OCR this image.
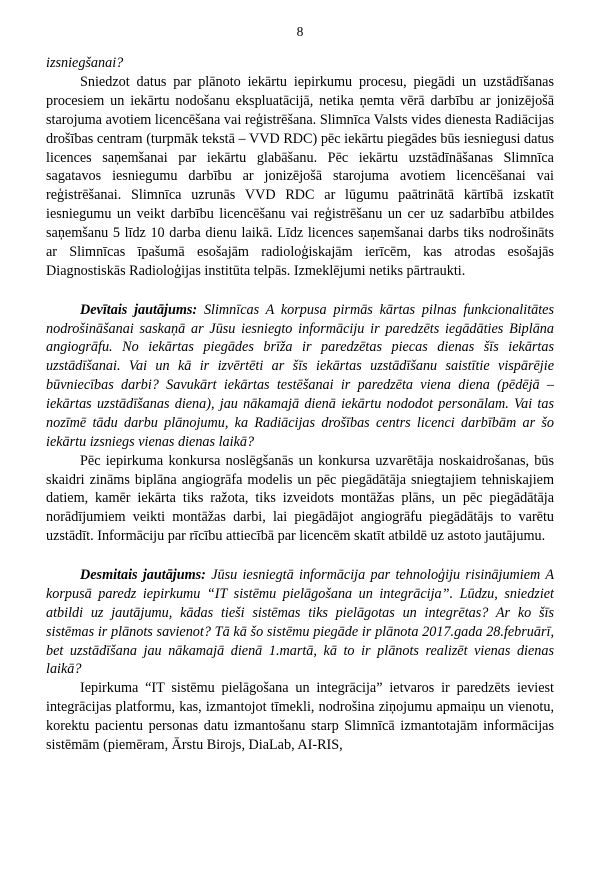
8

izsniegšanai?

Sniedzot datus par plānoto iekārtu iepirkumu procesu, piegādi un uzstādīšanas procesiem un iekārtu nodošanu ekspluatācijā, netika ņemta vērā darbību ar jonizējošā starojuma avotiem licencēšana vai reģistrēšana. Slimnīca Valsts vides dienesta Radiācijas drošības centram (turpmāk tekstā – VVD RDC) pēc iekārtu piegādes būs iesniegusi datus licences saņemšanai par iekārtu glabāšanu. Pēc iekārtu uzstādīnāšanas Slimnīca sagatavos iesniegumu darbību ar jonizējošā starojuma avotiem licencēšanai vai reģistrēšanai. Slimnīca uzrunās VVD RDC ar lūgumu paātrinātā kārtībā izskatīt iesniegumu un veikt darbību licencēšanu vai reģistrēšanu un cer uz sadarbību atbildes saņemšanu 5 līdz 10 darba dienu laikā. Līdz licences saņemšanai darbs tiks nodrošināts ar Slimnīcas īpašumā esošajām radioloģiskajām ierīcēm, kas atrodas esošajās Diagnostiskās Radioloģijas institūta telpās. Izmeklējumi netiks pārtraukti.

Devītais jautājums: Slimnīcas A korpusa pirmās kārtas pilnas funkcionalitātes nodrošināšanai saskaņā ar Jūsu iesniegto informāciju ir paredzēts iegādāties Biplāna angiogrāfu. No iekārtas piegādes brīža ir paredzētas piecas dienas šīs iekārtas uzstādīšanai. Vai un kā ir izvērtēti ar šīs iekārtas uzstādīšanu saistītie vispārējie būvniecības darbi? Savukārt iekārtas testēšanai ir paredzēta viena diena (pēdējā – iekārtas uzstādīšanas diena), jau nākamajā dienā iekārtu nododot personālam. Vai tas nozīmē tādu darbu plānojumu, ka Radiācijas drošības centrs licenci darbībām ar šo iekārtu izsniegs vienas dienas laikā?

Pēc iepirkuma konkursa noslēgšanās un konkursa uzvarētāja noskaidrošanas, būs skaidri zināms biplāna angiogrāfa modelis un pēc piegādātāja sniegtajiem tehniskajiem datiem, kamēr iekārta tiks ražota, tiks izveidots montāžas plāns, un pēc piegādātāja norādījumiem veikti montāžas darbi, lai piegādājot angiogrāfu piegādātājs to varētu uzstādīt. Informāciju par rīcību attiecībā par licencēm skatīt atbildē uz astoto jautājumu.

Desmitais jautājums: Jūsu iesniegtā informācija par tehnoloģiju risinājumiem A korpusā paredz iepirkumu “IT sistēmu pielāgošana un integrācija”. Lūdzu, sniedziet atbildi uz jautājumu, kādas tieši sistēmas tiks pielāgotas un integrētas? Ar ko šīs sistēmas ir plānots savienot? Tā kā šo sistēmu piegāde ir plānota 2017.gada 28.februārī, bet uzstādīšana jau nākamajā dienā 1.martā, kā to ir plānots realizēt vienas dienas laikā?

Iepirkuma “IT sistēmu pielāgošana un integrācija” ietvaros ir paredzēts ieviest integrācijas platformu, kas, izmantojot tīmekli, nodrošina ziņojumu apmaiņu un vienotu, korektu pacientu personas datu izmantošanu starp Slimnīcā izmantotajām informācijas sistēmām (piemēram, Ārstu Birojs, DiaLab, AI-RIS,
